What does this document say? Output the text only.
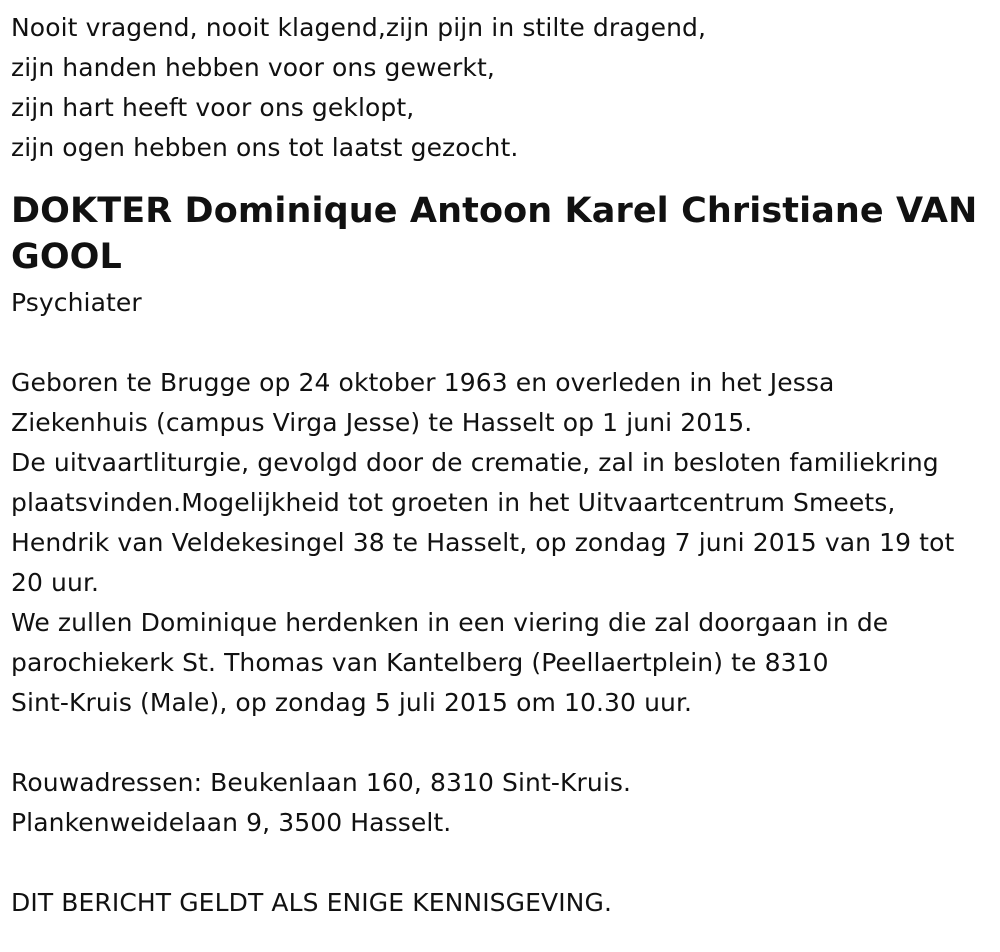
Nooit vragend, nooit klagend,zijn pijn in stilte dragend,
zijn handen hebben voor ons gewerkt,
zijn hart heeft voor ons geklopt,
zijn ogen hebben ons tot laatst gezocht.
DOKTER Dominique Antoon Karel Christiane VAN
GOOL
Psychiater
Geboren te Brugge op 24 oktober 1963 en overleden in het Jessa
Ziekenhuis (campus Virga Jesse) te Hasselt op 1 juni 2015.
De uitvaartliturgie, gevolgd door de crematie, zal in besloten familiekring
plaatsvinden.Mogelijkheid tot groeten in het Uitvaartcentrum Smeets,
Hendrik van Veldekesingel 38 te Hasselt, op zondag 7 juni 2015 van 19 tot
20 uur.
We zullen Dominique herdenken in een viering die zal doorgaan in de
parochiekerk St. Thomas van Kantelberg (Peellaertplein) te 8310
Sint-Kruis (Male), op zondag 5 juli 2015 om 10.30 uur.
Rouwadressen: Beukenlaan 160, 8310 Sint-Kruis.
Plankenweidelaan 9, 3500 Hasselt.
DIT BERICHT GELDT ALS ENIGE KENNISGEVING.
